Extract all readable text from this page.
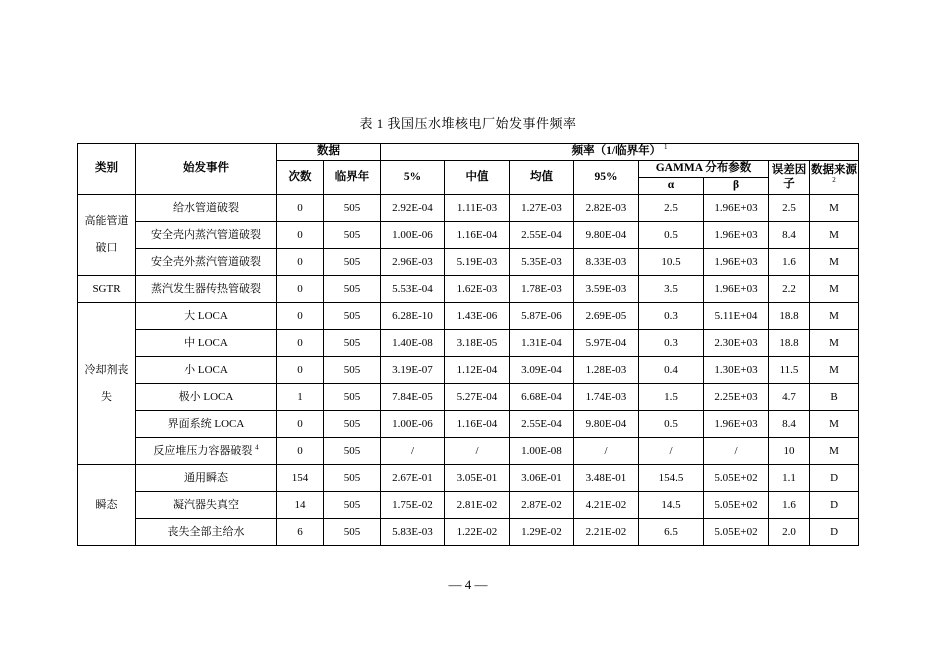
表 1 我国压水堆核电厂始发事件频率
类别	始发事件	数据		频率（1/临界年） $^1$
		次数	临界年	5%	中值	均值	95%	GAMMA 分布参数		误差因子	数据来源$^2$
								α	β		
高能管道破口	给水管道破裂	0	505	2.92E-04	1.11E-03	1.27E-03	2.82E-03	2.5	1.96E+03	2.5	M
	安全壳内蒸汽管道破裂	0	505	1.00E-06	1.16E-04	2.55E-04	9.80E-04	0.5	1.96E+03	8.4	M
	安全壳外蒸汽管道破裂	0	505	2.96E-03	5.19E-03	5.35E-03	8.33E-03	10.5	1.96E+03	1.6	M
SGTR	蒸汽发生器传热管破裂	0	505	5.53E-04	1.62E-03	1.78E-03	3.59E-03	3.5	1.96E+03	2.2	M
冷却剂丧失	大 LOCA	0	505	6.28E-10	1.43E-06	5.87E-06	2.69E-05	0.3	5.11E+04	18.8	M
	中 LOCA	0	505	1.40E-08	3.18E-05	1.31E-04	5.97E-04	0.3	2.30E+03	18.8	M
	小 LOCA	0	505	3.19E-07	1.12E-04	3.09E-04	1.28E-03	0.4	1.30E+03	11.5	M
	极小 LOCA	1	505	7.84E-05	5.27E-04	6.68E-04	1.74E-03	1.5	2.25E+03	4.7	B
	界面系统 LOCA	0	505	1.00E-06	1.16E-04	2.55E-04	9.80E-04	0.5	1.96E+03	8.4	M
	反应堆压力容器破裂 $^4$	0	505	/	/	1.00E-08	/	/	/	10	M
瞬态	通用瞬态	154	505	2.67E-01	3.05E-01	3.06E-01	3.48E-01	154.5	5.05E+02	1.1	D
	凝汽器失真空	14	505	1.75E-02	2.81E-02	2.87E-02	4.21E-02	14.5	5.05E+02	1.6	D
	丧失全部主给水	6	505	5.83E-03	1.22E-02	1.29E-02	2.21E-02	6.5	5.05E+02	2.0	D
— 4 —
